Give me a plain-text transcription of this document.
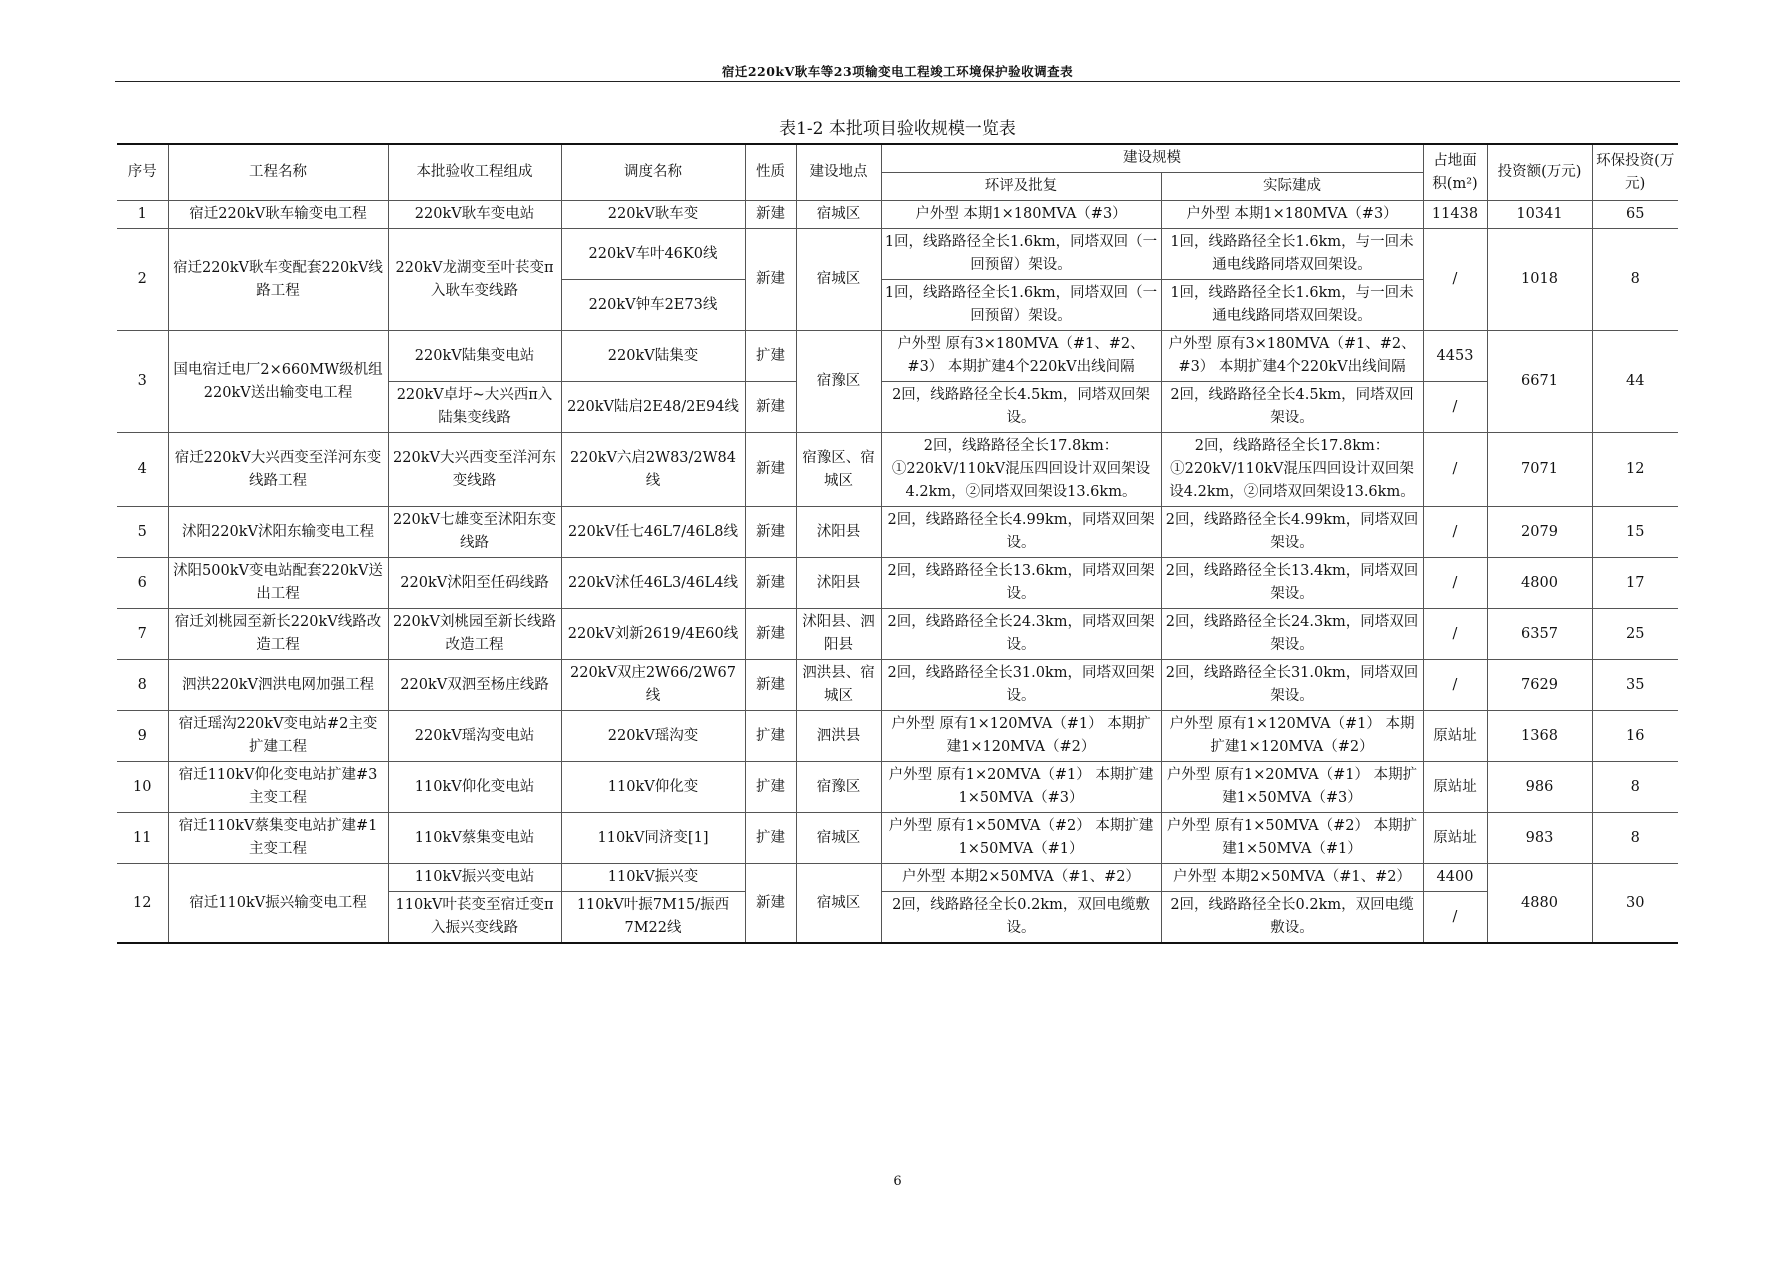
宿迁220kV耿车等23项输变电工程竣工环境保护验收调查表
表1-2 本批项目验收规模一览表
序号	工程名称	本批验收工程组成	调度名称	性质	建设地点	建设规模		占地面积(m²)	投资额(万元)	环保投资(万元)
						环评及批复	实际建成			
1	宿迁220kV耿车输变电工程	220kV耿车变电站	220kV耿车变	新建	宿城区	户外型 本期1×180MVA（#3）	户外型 本期1×180MVA（#3）	11438	10341	65
2	宿迁220kV耿车变配套220kV线路工程	220kV龙湖变至叶苌变π入耿车变线路	220kV车叶46K0线	新建	宿城区	1回，线路路径全长1.6km，同塔双回（一回预留）架设。	1回，线路路径全长1.6km，与一回未通电线路同塔双回架设。	/	1018	8
			220kV钟车2E73线			1回，线路路径全长1.6km，同塔双回（一回预留）架设。	1回，线路路径全长1.6km，与一回未通电线路同塔双回架设。			
3	国电宿迁电厂2×660MW级机组220kV送出输变电工程	220kV陆集变电站	220kV陆集变	扩建	宿豫区	户外型 原有3×180MVA（#1、#2、#3） 本期扩建4个220kV出线间隔	户外型 原有3×180MVA（#1、#2、#3） 本期扩建4个220kV出线间隔	4453	6671	44
		220kV卓圩~大兴西π入陆集变线路	220kV陆启2E48/2E94线	新建		2回，线路路径全长4.5km，同塔双回架设。	2回，线路路径全长4.5km，同塔双回架设。	/		
4	宿迁220kV大兴西变至洋河东变线路工程	220kV大兴西变至洋河东变线路	220kV六启2W83/2W84线	新建	宿豫区、宿城区	2回，线路路径全长17.8km：①220kV/110kV混压四回设计双回架设4.2km，②同塔双回架设13.6km。	2回，线路路径全长17.8km：①220kV/110kV混压四回设计双回架设4.2km，②同塔双回架设13.6km。	/	7071	12
5	沭阳220kV沭阳东输变电工程	220kV七雄变至沭阳东变线路	220kV任七46L7/46L8线	新建	沭阳县	2回，线路路径全长4.99km，同塔双回架设。	2回，线路路径全长4.99km，同塔双回架设。	/	2079	15
6	沭阳500kV变电站配套220kV送出工程	220kV沭阳至任码线路	220kV沭任46L3/46L4线	新建	沭阳县	2回，线路路径全长13.6km，同塔双回架设。	2回，线路路径全长13.4km，同塔双回架设。	/	4800	17
7	宿迁刘桃园至新长220kV线路改造工程	220kV刘桃园至新长线路改造工程	220kV刘新2619/4E60线	新建	沭阳县、泗阳县	2回，线路路径全长24.3km，同塔双回架设。	2回，线路路径全长24.3km，同塔双回架设。	/	6357	25
8	泗洪220kV泗洪电网加强工程	220kV双泗至杨庄线路	220kV双庄2W66/2W67线	新建	泗洪县、宿城区	2回，线路路径全长31.0km，同塔双回架设。	2回，线路路径全长31.0km，同塔双回架设。	/	7629	35
9	宿迁瑶沟220kV变电站#2主变扩建工程	220kV瑶沟变电站	220kV瑶沟变	扩建	泗洪县	户外型 原有1×120MVA（#1） 本期扩建1×120MVA（#2）	户外型 原有1×120MVA（#1） 本期扩建1×120MVA（#2）	原站址	1368	16
10	宿迁110kV仰化变电站扩建#3主变工程	110kV仰化变电站	110kV仰化变	扩建	宿豫区	户外型 原有1×20MVA（#1） 本期扩建1×50MVA（#3）	户外型 原有1×20MVA（#1） 本期扩建1×50MVA（#3）	原站址	986	8
11	宿迁110kV蔡集变电站扩建#1主变工程	110kV蔡集变电站	110kV同济变[1]	扩建	宿城区	户外型 原有1×50MVA（#2） 本期扩建1×50MVA（#1）	户外型 原有1×50MVA（#2） 本期扩建1×50MVA（#1）	原站址	983	8
12	宿迁110kV振兴输变电工程	110kV振兴变电站	110kV振兴变	新建	宿城区	户外型 本期2×50MVA（#1、#2）	户外型 本期2×50MVA（#1、#2）	4400	4880	30
		110kV叶苌变至宿迁变π入振兴变线路	110kV叶振7M15/振西7M22线			2回，线路路径全长0.2km，双回电缆敷设。	2回，线路路径全长0.2km，双回电缆敷设。	/		
6
